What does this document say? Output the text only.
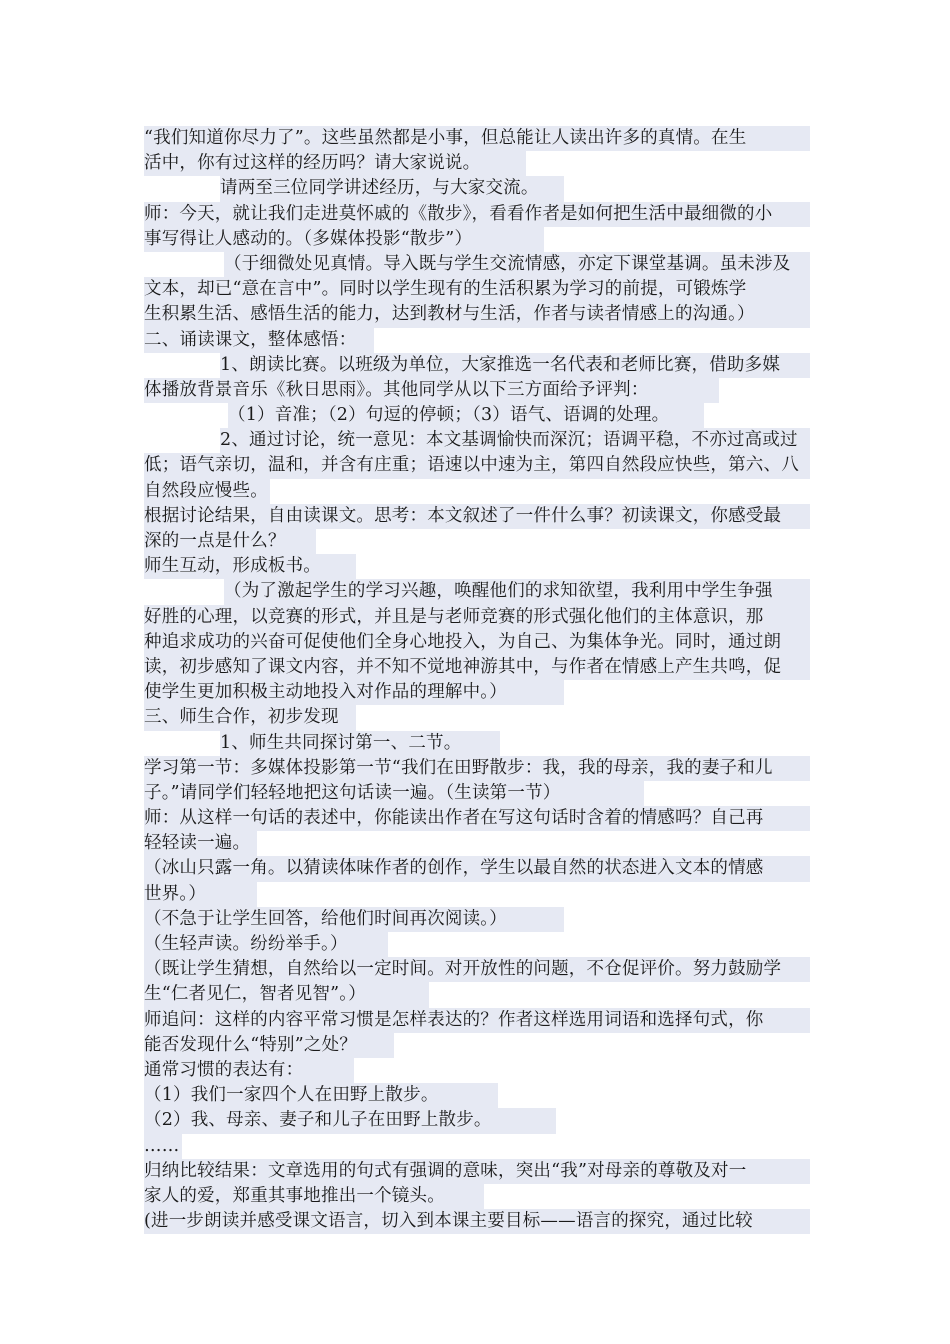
“我们知道你尽力了”。这些虽然都是小事，但总能让人读出许多的真情。在生
活中，你有过这样的经历吗？请大家说说。
请两至三位同学讲述经历，与大家交流。
师：今天，就让我们走进莫怀戚的《散步》，看看作者是如何把生活中最细微的小
事写得让人感动的。（多媒体投影“散步”）
（于细微处见真情。导入既与学生交流情感，亦定下课堂基调。虽未涉及
文本，却已“意在言中”。同时以学生现有的生活积累为学习的前提，可锻炼学
生积累生活、感悟生活的能力，达到教材与生活，作者与读者情感上的沟通。）
二、诵读课文，整体感悟：
1、朗读比赛。以班级为单位，大家推选一名代表和老师比赛，借助多媒
体播放背景音乐《秋日思雨》。其他同学从以下三方面给予评判：
（1）音准；（2）句逗的停顿；（3）语气、语调的处理。
2、通过讨论，统一意见：本文基调愉快而深沉；语调平稳，不亦过高或过
低；语气亲切，温和，并含有庄重；语速以中速为主，第四自然段应快些，第六、八
自然段应慢些。
根据讨论结果，自由读课文。思考：本文叙述了一件什么事？初读课文，你感受最
深的一点是什么？
师生互动，形成板书。
（为了激起学生的学习兴趣，唤醒他们的求知欲望，我利用中学生争强
好胜的心理，以竞赛的形式，并且是与老师竞赛的形式强化他们的主体意识，那
种追求成功的兴奋可促使他们全身心地投入，为自己、为集体争光。同时，通过朗
读，初步感知了课文内容，并不知不觉地神游其中，与作者在情感上产生共鸣，促
使学生更加积极主动地投入对作品的理解中。）
三、师生合作，初步发现
1、师生共同探讨第一、二节。
学习第一节：多媒体投影第一节“我们在田野散步：我，我的母亲，我的妻子和儿
子。”请同学们轻轻地把这句话读一遍。（生读第一节）
师：从这样一句话的表述中，你能读出作者在写这句话时含着的情感吗？自己再
轻轻读一遍。
（冰山只露一角。以猜读体味作者的创作，学生以最自然的状态进入文本的情感
世界。）
（不急于让学生回答，给他们时间再次阅读。）
（生轻声读。纷纷举手。）
（既让学生猜想，自然给以一定时间。对开放性的问题，不仓促评价。努力鼓励学
生“仁者见仁，智者见智”。）
师追问：这样的内容平常习惯是怎样表达的？作者这样选用词语和选择句式，你
能否发现什么“特别”之处？
通常习惯的表达有：
（1）我们一家四个人在田野上散步。
（2）我、母亲、妻子和儿子在田野上散步。
……
归纳比较结果：文章选用的句式有强调的意味，突出“我”对母亲的尊敬及对一
家人的爱，郑重其事地推出一个镜头。
(进一步朗读并感受课文语言，切入到本课主要目标——语言的探究，通过比较
